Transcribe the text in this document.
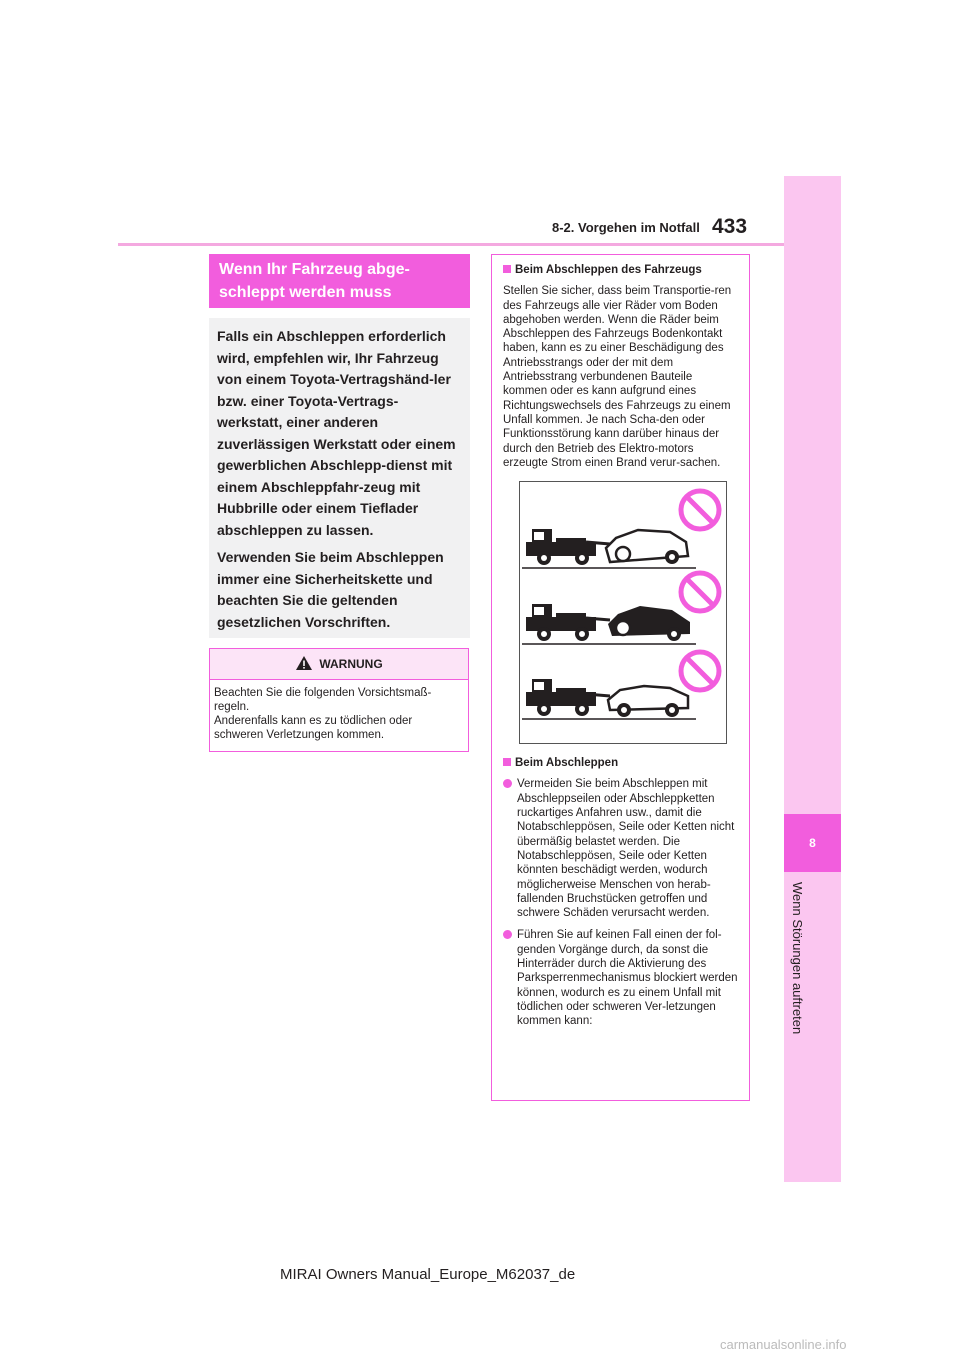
433
8-2. Vorgehen im Notfall
8
Wenn Störungen auftreten
Wenn Ihr Fahrzeug abge-schleppt werden muss

Falls ein Abschleppen erforderlich wird, empfehlen wir, Ihr Fahrzeug von einem Toyota-Vertragshänd-ler bzw. einer Toyota-Vertrags-werkstatt, einer anderen zuverlässigen Werkstatt oder einem gewerblichen Abschlepp-dienst mit einem Abschleppfahr-zeug mit Hubbrille oder einem Tieflader abschleppen zu lassen.

Verwenden Sie beim Abschleppen immer eine Sicherheitskette und beachten Sie die geltenden gesetzlichen Vorschriften.

WARNUNG

Beachten Sie die folgenden Vorsichtsmaß-regeln.

Anderenfalls kann es zu tödlichen oder schweren Verletzungen kommen.

Beim Abschleppen des Fahrzeugs

Stellen Sie sicher, dass beim Transportie-ren des Fahrzeugs alle vier Räder vom Boden abgehoben werden. Wenn die Räder beim Abschleppen des Fahrzeugs Bodenkontakt haben, kann es zu einer Beschädigung des Antriebsstrangs oder der mit dem Antriebsstrang verbundenen Bauteile kommen oder es kann aufgrund eines Richtungswechsels des Fahrzeugs zu einem Unfall kommen. Je nach Scha-den oder Funktionsstörung kann darüber hinaus der durch den Betrieb des Elektro-motors erzeugte Strom einen Brand verur-sachen.

Beim Abschleppen
Vermeiden Sie beim Abschleppen mit Abschleppseilen oder Abschleppketten ruckartiges Anfahren usw., damit die Notabschleppösen, Seile oder Ketten nicht übermäßig belastet werden. Die Notabschleppösen, Seile oder Ketten könnten beschädigt werden, wodurch möglicherweise Menschen von herab-fallenden Bruchstücken getroffen und schwere Schäden verursacht werden.
Führen Sie auf keinen Fall einen der fol-genden Vorgänge durch, da sonst die Hinterräder durch die Aktivierung des Parksperrenmechanismus blockiert werden können, wodurch es zu einem Unfall mit tödlichen oder schweren Ver-letzungen kommen kann:
MIRAI Owners Manual_Europe_M62037_de
carmanualsonline.info
